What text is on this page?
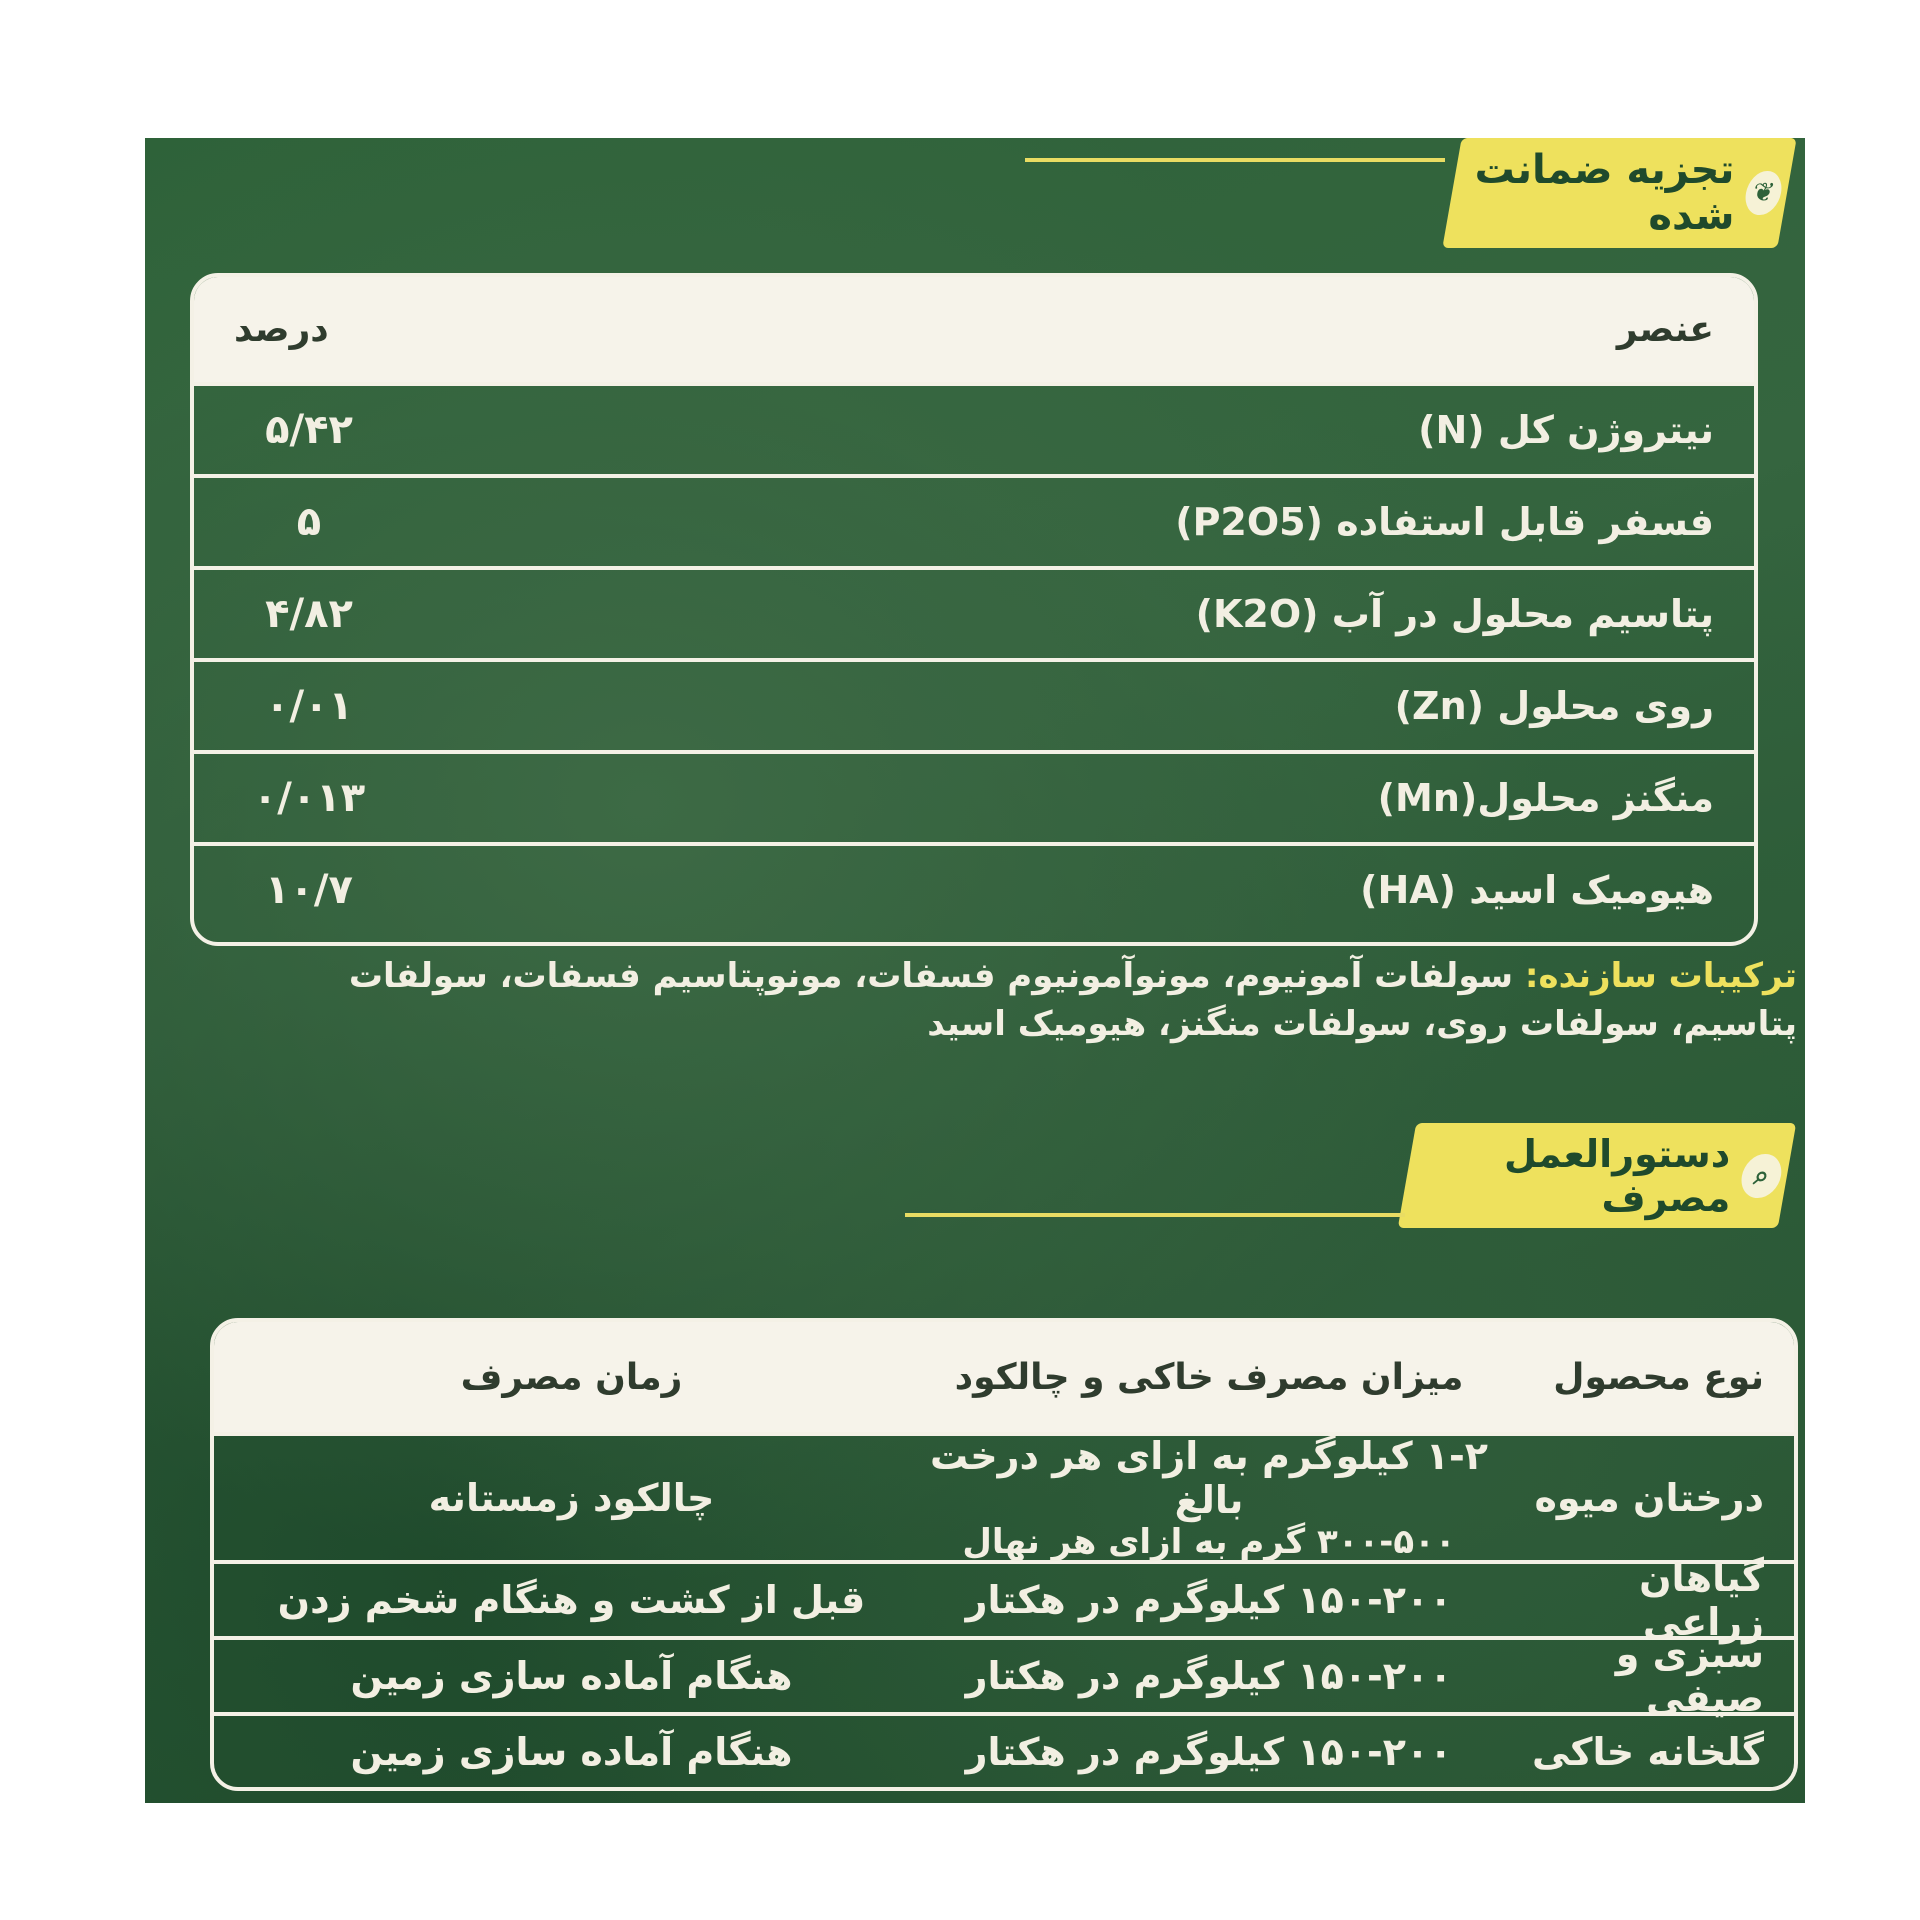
❦
تجزیه ضمانت شده
عنصر
درصد
نیتروژن کل (N)
۵/۴۲
فسفر قابل استفاده (P2O5)
۵
پتاسیم محلول در آب (K2O)
۴/۸۲
روی محلول (Zn)
۰/۰۱
منگنز محلول(Mn)
۰/۰۱۳
هیومیک اسید (HA)
۱۰/۷
ترکیبات سازنده: سولفات آمونیوم، مونوآمونیوم فسفات، مونوپتاسیم فسفات، سولفات پتاسیم، سولفات روی، سولفات منگنز، هیومیک اسید
⌕
دستورالعمل مصرف
نوع محصول
میزان مصرف خاکی و چالکود
زمان مصرف
درختان میوه
۱-۲ کیلوگرم به ازای هر درخت بالغ
۳۰۰-۵۰۰ گرم به ازای هر نهال
چالکود زمستانه
گیاهان زراعی
۱۵۰-۲۰۰ کیلوگرم در هکتار
قبل از کشت و هنگام شخم زدن
سبزی و صیفی
۱۵۰-۲۰۰ کیلوگرم در هکتار
هنگام آماده سازی زمین
گلخانه خاکی
۱۵۰-۲۰۰ کیلوگرم در هکتار
هنگام آماده سازی زمین
